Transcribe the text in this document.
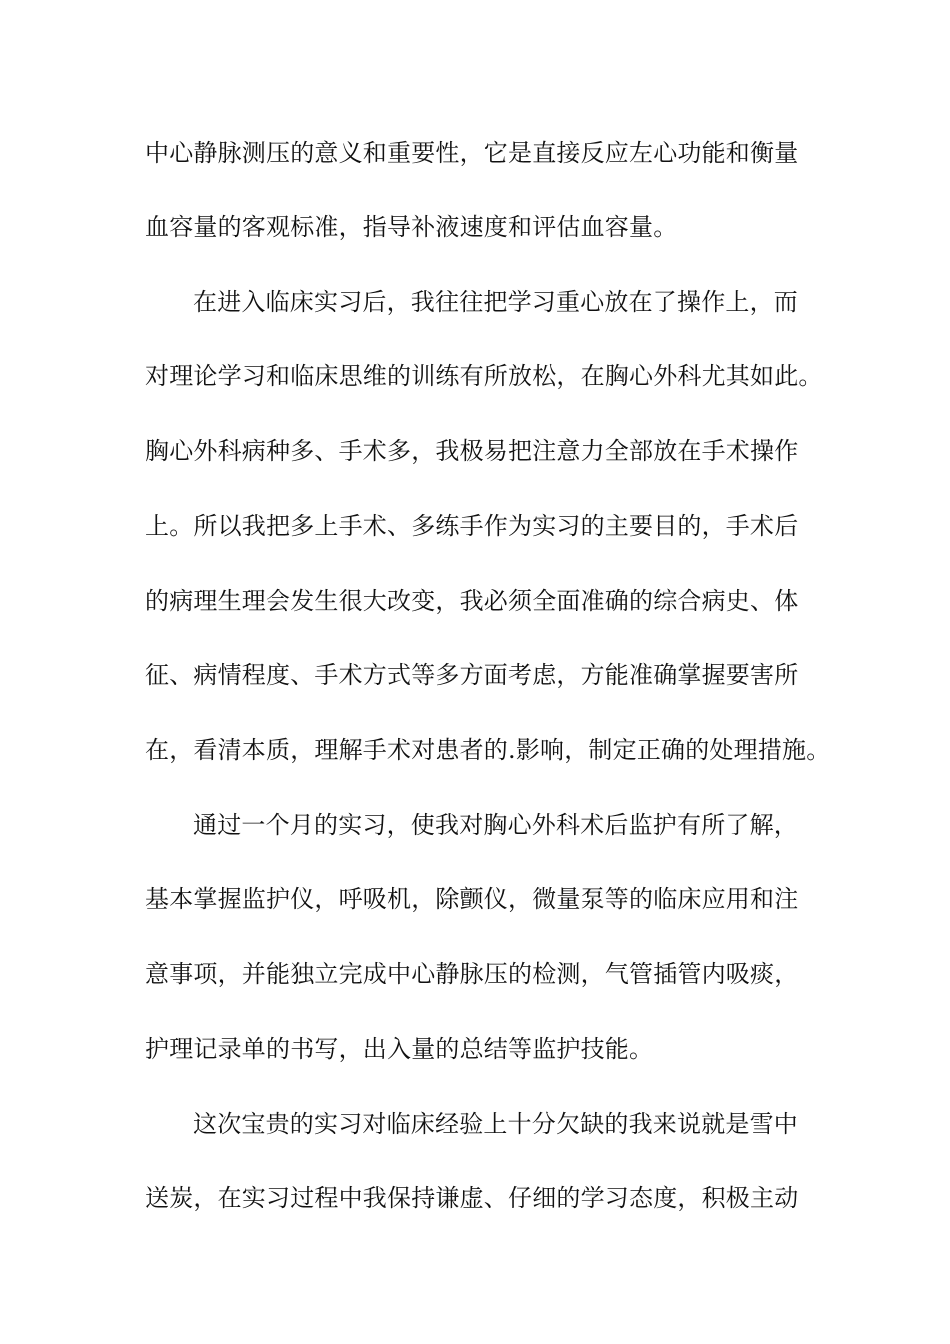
中心静脉测压的意义和重要性，它是直接反应左心功能和衡量
血容量的客观标准，指导补液速度和评估血容量。
在进入临床实习后，我往往把学习重心放在了操作上，而
对理论学习和临床思维的训练有所放松，在胸心外科尤其如此。
胸心外科病种多、手术多，我极易把注意力全部放在手术操作
上。所以我把多上手术、多练手作为实习的主要目的，手术后
的病理生理会发生很大改变，我必须全面准确的综合病史、体
征、病情程度、手术方式等多方面考虑，方能准确掌握要害所
在，看清本质，理解手术对患者的.影响，制定正确的处理措施。
通过一个月的实习，使我对胸心外科术后监护有所了解，
基本掌握监护仪，呼吸机，除颤仪，微量泵等的临床应用和注
意事项，并能独立完成中心静脉压的检测，气管插管内吸痰，
护理记录单的书写，出入量的总结等监护技能。
这次宝贵的实习对临床经验上十分欠缺的我来说就是雪中
送炭，在实习过程中我保持谦虚、仔细的学习态度，积极主动
